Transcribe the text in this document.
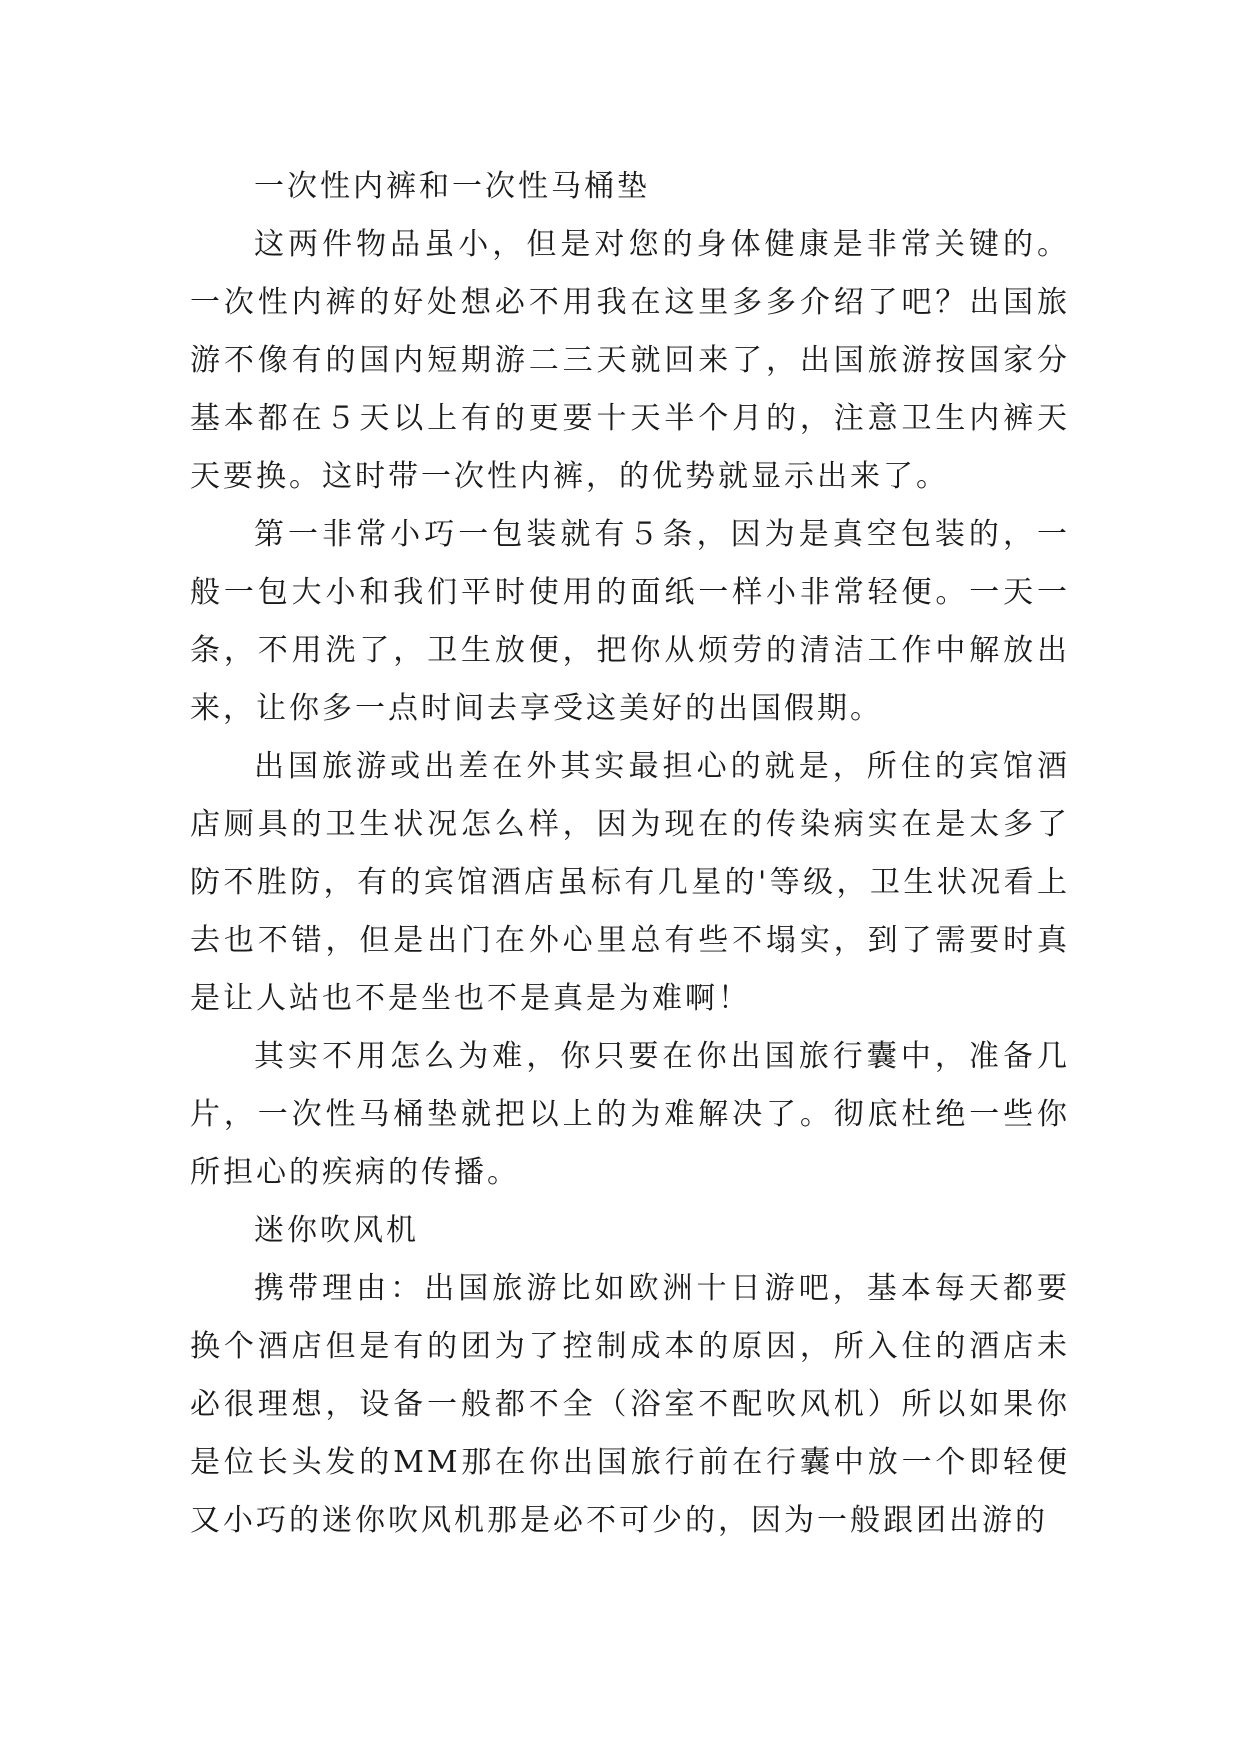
一次性内裤和一次性马桶垫

这两件物品虽小，但是对您的身体健康是非常关键的。一次性内裤的好处想必不用我在这里多多介绍了吧？出国旅游不像有的国内短期游二三天就回来了，出国旅游按国家分基本都在５天以上有的更要十天半个月的，注意卫生内裤天天要换。这时带一次性内裤，的优势就显示出来了。

第一非常小巧一包装就有５条，因为是真空包装的，一般一包大小和我们平时使用的面纸一样小非常轻便。一天一条，不用洗了，卫生放便，把你从烦劳的清洁工作中解放出来，让你多一点时间去享受这美好的出国假期。

出国旅游或出差在外其实最担心的就是，所住的宾馆酒店厕具的卫生状况怎么样，因为现在的传染病实在是太多了防不胜防，有的宾馆酒店虽标有几星的'等级，卫生状况看上去也不错，但是出门在外心里总有些不塌实，到了需要时真是让人站也不是坐也不是真是为难啊！

其实不用怎么为难，你只要在你出国旅行囊中，准备几片，一次性马桶垫就把以上的为难解决了。彻底杜绝一些你所担心的疾病的传播。

迷你吹风机

携带理由：出国旅游比如欧洲十日游吧，基本每天都要换个酒店但是有的团为了控制成本的原因，所入住的酒店未必很理想，设备一般都不全（浴室不配吹风机）所以如果你是位长头发的MM那在你出国旅行前在行囊中放一个即轻便又小巧的迷你吹风机那是必不可少的，因为一般跟团出游的
